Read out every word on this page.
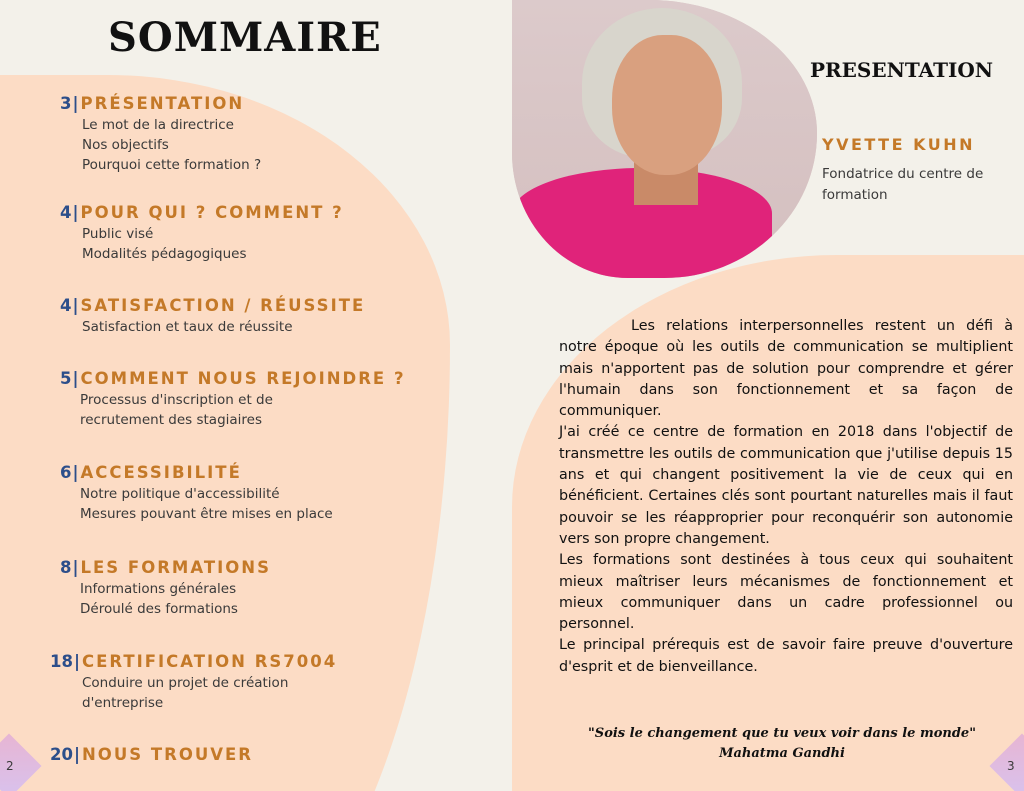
SOMMAIRE
3 | PRÉSENTATION
Le mot de la directrice
Nos objectifs
Pourquoi cette formation ?
4 | POUR QUI ? COMMENT ?
Public visé
Modalités pédagogiques
4 | SATISFACTION / RÉUSSITE
Satisfaction et taux de réussite
5 | COMMENT NOUS REJOINDRE ?
Processus d'inscription et de
recrutement des stagiaires
6 | ACCESSIBILITÉ
Notre politique d'accessibilité
Mesures pouvant être mises en place
8 | LES FORMATIONS
Informations générales
Déroulé des formations
18 | CERTIFICATION RS7004
Conduire un projet de création
d'entreprise
20 | NOUS TROUVER
2
PRESENTATION
YVETTE KUHN
Fondatrice du centre de formation

Les relations interpersonnelles restent un défi à notre époque où les outils de communication se multiplient mais n'apportent pas de solution pour comprendre et gérer l'humain dans son fonctionnement et sa façon de communiquer.

J'ai créé ce centre de formation en 2018 dans l'objectif de transmettre les outils de communication que j'utilise depuis 15 ans et qui changent positivement la vie de ceux qui en bénéficient. Certaines clés sont pourtant naturelles mais il faut pouvoir se les réapproprier pour reconquérir son autonomie vers son propre changement.

Les formations sont destinées à tous ceux qui souhaitent mieux maîtriser leurs mécanismes de fonctionnement et mieux communiquer dans un cadre professionnel ou personnel.

Le principal prérequis est de savoir faire preuve d'ouverture d'esprit et de bienveillance.

"Sois le changement que tu veux voir dans le monde"
Mahatma Gandhi
3
